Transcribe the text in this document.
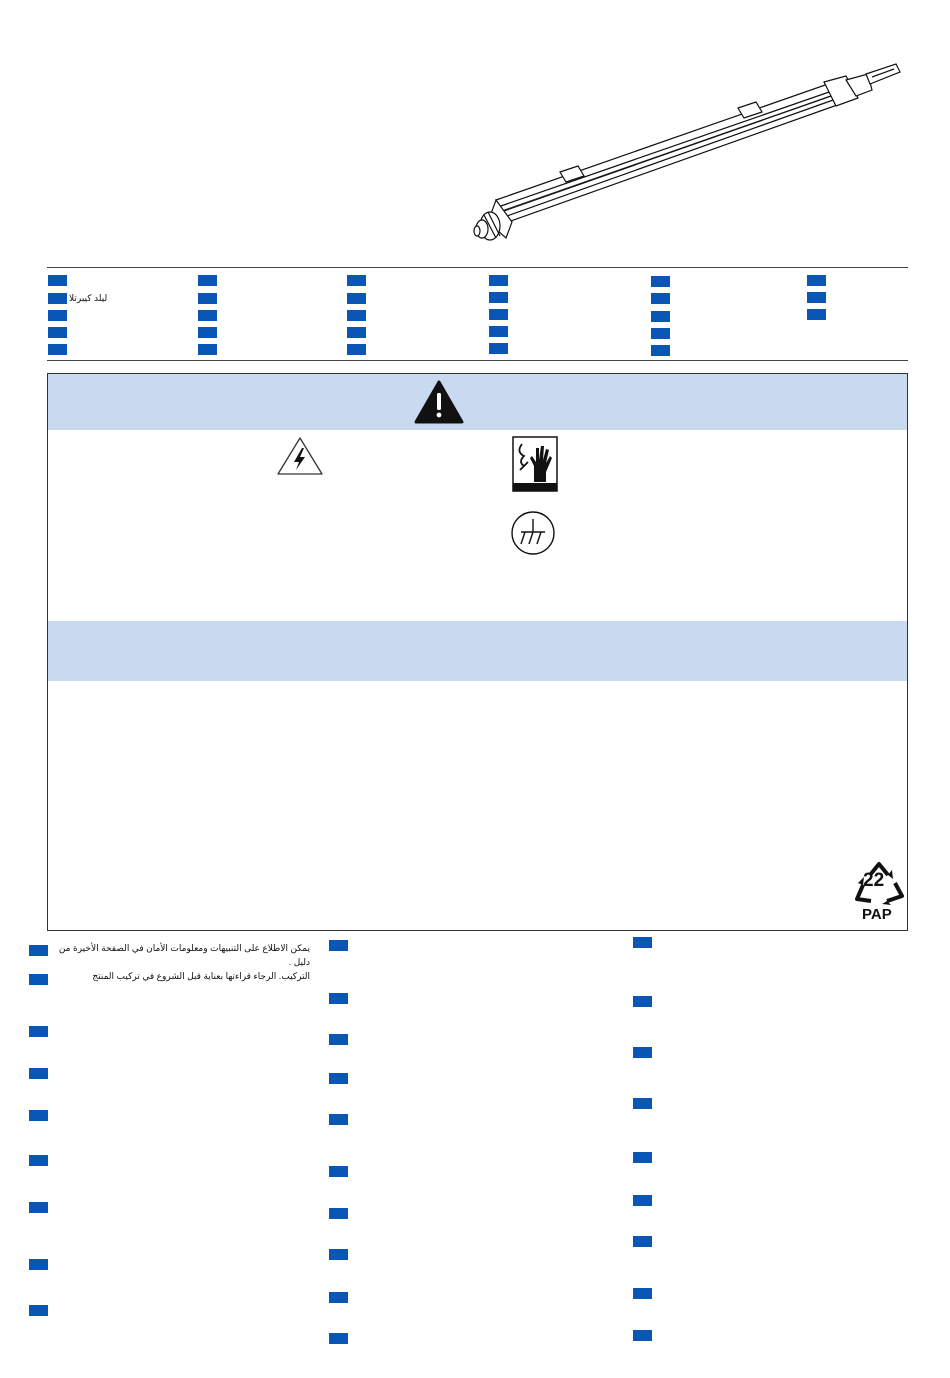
ليلد كيبرتلا
22
PAP
يمكن الاطلاع على التنبيهات ومعلومات الأمان في الصفحة الأخيرة من دليل .
التركيب. الرجاء قراءتها بعناية قبل الشروع في تركيب المنتج
